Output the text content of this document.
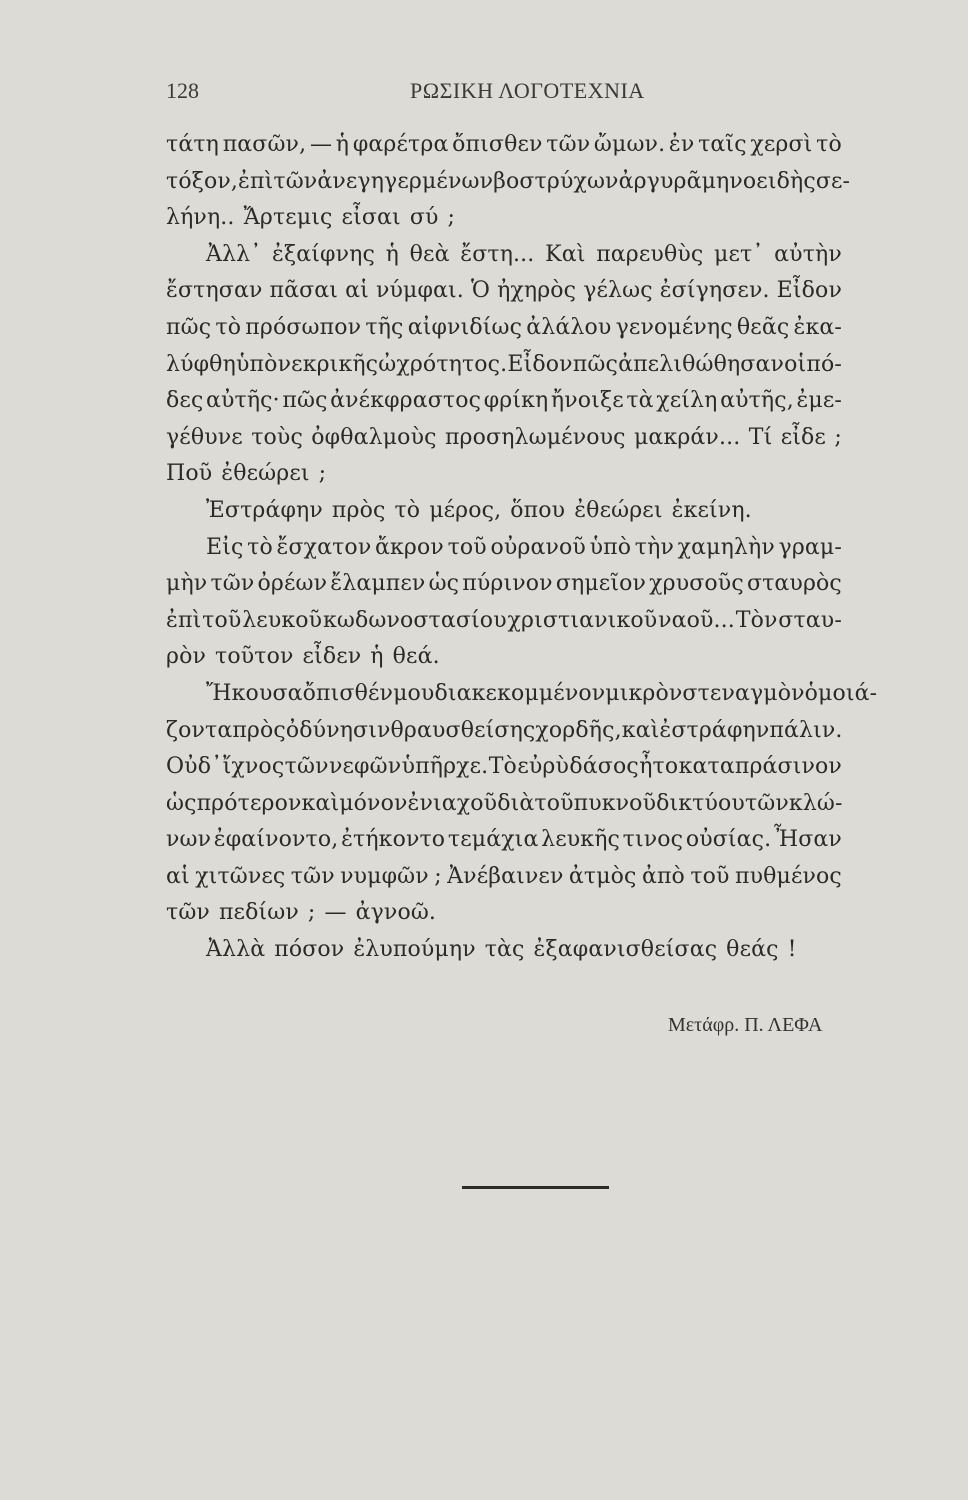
128	ΡΩΣΙΚΗ ΛΟΓΟΤΕΧΝΙΑ
τάτη πασῶν, — ἡ φαρέτρα ὄπισθεν τῶν ὤμων. ἐν ταῖς χερσὶ τὸ
τόξον, ἐπὶ τῶν ἀνεγηγερμένων βοστρύχων ἀργυρᾶ μηνοειδὴς σε-
λήνη.. Ἄρτεμις εἶσαι σύ ;
Ἀλλ᾽ ἐξαίφνης ἡ θεὰ ἔστη... Καὶ παρευθὺς μετ᾽ αὐτὴν
ἔστησαν πᾶσαι αἱ νύμφαι. Ὁ ἠχηρὸς γέλως ἐσίγησεν. Εἶδον
πῶς τὸ πρόσωπον τῆς αἰφνιδίως ἀλάλου γενομένης θεᾶς ἐκα-
λύφθη ὑπὸ νεκρικῆς ὠχρότητος. Εἶδον πῶς ἀπελιθώθησαν οἱ πό-
δες αὐτῆς· πῶς ἀνέκφραστος φρίκη ἤνοιξε τὰ χείλη αὐτῆς, ἐμε-
γέθυνε τοὺς ὀφθαλμοὺς προσηλωμένους μακράν... Τί εἶδε ;
Ποῦ ἐθεώρει ;
Ἐστράφην πρὸς τὸ μέρος, ὅπου ἐθεώρει ἐκείνη.
Εἰς τὸ ἔσχατον ἄκρον τοῦ οὐρανοῦ ὑπὸ τὴν χαμηλὴν γραμ-
μὴν τῶν ὀρέων ἔλαμπεν ὡς πύρινον σημεῖον χρυσοῦς σταυρὸς
ἐπὶ τοῦ λευκοῦ κωδωνοστασίου χριστιανικοῦ ναοῦ... Τὸν σταυ-
ρὸν τοῦτον εἶδεν ἡ θεά.
Ἤκουσα ὄπισθέν μου διακεκομμένον μικρὸν στεναγμὸν ὁμοιά-
ζοντα πρὸς ὀδύνησιν θραυσθείσης χορδῆς, καὶ ἐστράφην πάλιν.
Οὐδ᾽ ἴχνος τῶν νεφῶν ὑπῆρχε. Τὸ εὐρὺ δάσος ἦτο καταπράσινον
ὡς πρότερον καὶ μόνον ἐνιαχοῦ διὰ τοῦ πυκνοῦ δικτύου τῶν κλώ-
νων ἐφαίνοντο, ἐτήκοντο τεμάχια λευκῆς τινος οὐσίας. Ἦσαν
αἱ χιτῶνες τῶν νυμφῶν ; Ἀνέβαινεν ἀτμὸς ἀπὸ τοῦ πυθμένος
τῶν πεδίων ; — ἀγνοῶ.
Ἀλλὰ πόσον ἐλυπούμην τὰς ἐξαφανισθείσας θεάς !
Μετάφρ. Π. ΛΕΦΑ
